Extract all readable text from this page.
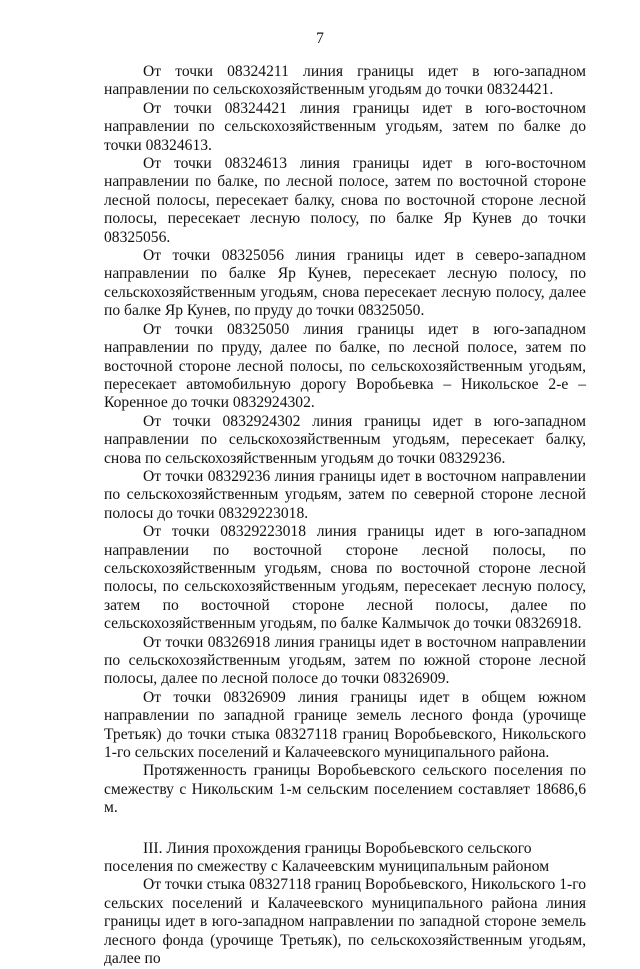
7

От точки 08324211 линия границы идет в юго-западном направлении по сельскохозяйственным угодьям до точки 08324421.

От точки 08324421 линия границы идет в юго-восточном направлении по сельскохозяйственным угодьям, затем по балке до точки 08324613.

От точки 08324613 линия границы идет в юго-восточном направлении по балке, по лесной полосе, затем по восточной стороне лесной полосы, пересекает балку, снова по восточной стороне лесной полосы, пересекает лесную полосу, по балке Яр Кунев до точки 08325056.

От точки 08325056 линия границы идет в северо-западном направлении по балке Яр Кунев, пересекает лесную полосу, по сельскохозяйственным угодьям, снова пересекает лесную полосу, далее по балке Яр Кунев, по пруду до точки 08325050.

От точки 08325050 линия границы идет в юго-западном направлении по пруду, далее по балке, по лесной полосе, затем по восточной стороне лесной полосы, по сельскохозяйственным угодьям, пересекает автомобильную дорогу Воробьевка – Никольское 2-е – Коренное до точки 0832924302.

От точки 0832924302 линия границы идет в юго-западном направлении по сельскохозяйственным угодьям, пересекает балку, снова по сельскохозяйственным угодьям до точки 08329236.

От точки 08329236 линия границы идет в восточном направлении по сельскохозяйственным угодьям, затем по северной стороне лесной полосы до точки 08329223018.

От точки 08329223018 линия границы идет в юго-западном направлении по восточной стороне лесной полосы, по сельскохозяйственным угодьям, снова по восточной стороне лесной полосы, по сельскохозяйственным угодьям, пересекает лесную полосу, затем по восточной стороне лесной полосы, далее по сельскохозяйственным угодьям, по балке Калмычок до точки 08326918.

От точки 08326918 линия границы идет в восточном направлении по сельскохозяйственным угодьям, затем по южной стороне лесной полосы, далее по лесной полосе до точки 08326909.

От точки 08326909 линия границы идет в общем южном направлении по западной границе земель лесного фонда (урочище Третьяк) до точки стыка 08327118 границ Воробьевского, Никольского 1-го сельских поселений и Калачеевского муниципального района.

Протяженность границы Воробьевского сельского поселения по смежеству с Никольским 1-м сельским поселением составляет 18686,6 м.

III. Линия прохождения границы Воробьевского сельского поселения по смежеству с Калачеевским муниципальным районом

От точки стыка 08327118 границ Воробьевского, Никольского 1-го сельских поселений и Калачеевского муниципального района линия границы идет в юго-западном направлении по западной стороне земель лесного фонда (урочище Третьяк), по сельскохозяйственным угодьям, далее по
